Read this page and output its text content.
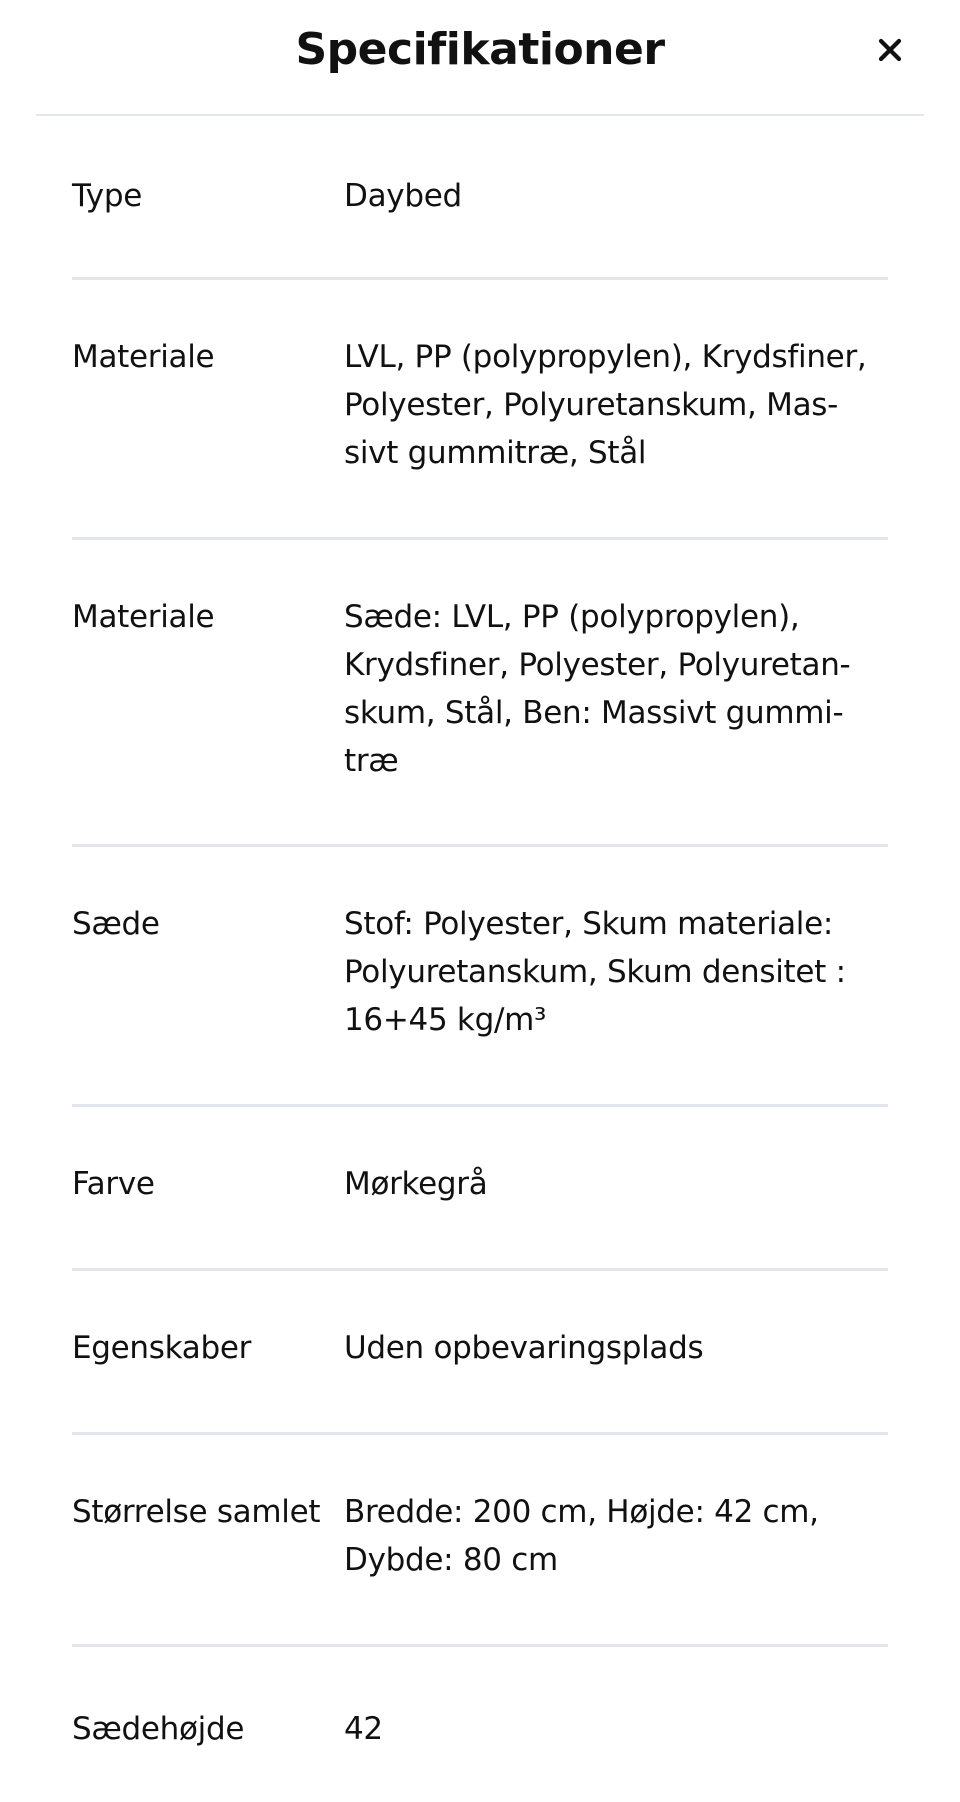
Specifikationer
Type	Daybed
Materiale	LVL, PP (polypropylen), Krydsfiner,
Polyester, Polyuretanskum, Mas-
sivt gummitræ, Stål
Materiale	Sæde: LVL, PP (polypropylen),
Krydsfiner, Polyester, Polyuretan-
skum, Stål, Ben: Massivt gummi-
træ
Sæde	Stof: Polyester, Skum materiale:
Polyuretanskum, Skum densitet :
16+45 kg/m³
Farve	Mørkegrå
Egenskaber	Uden opbevaringsplads
Størrelse samlet Bredde: 200 cm, Højde: 42 cm,
Dybde: 80 cm
Sædehøjde	42
